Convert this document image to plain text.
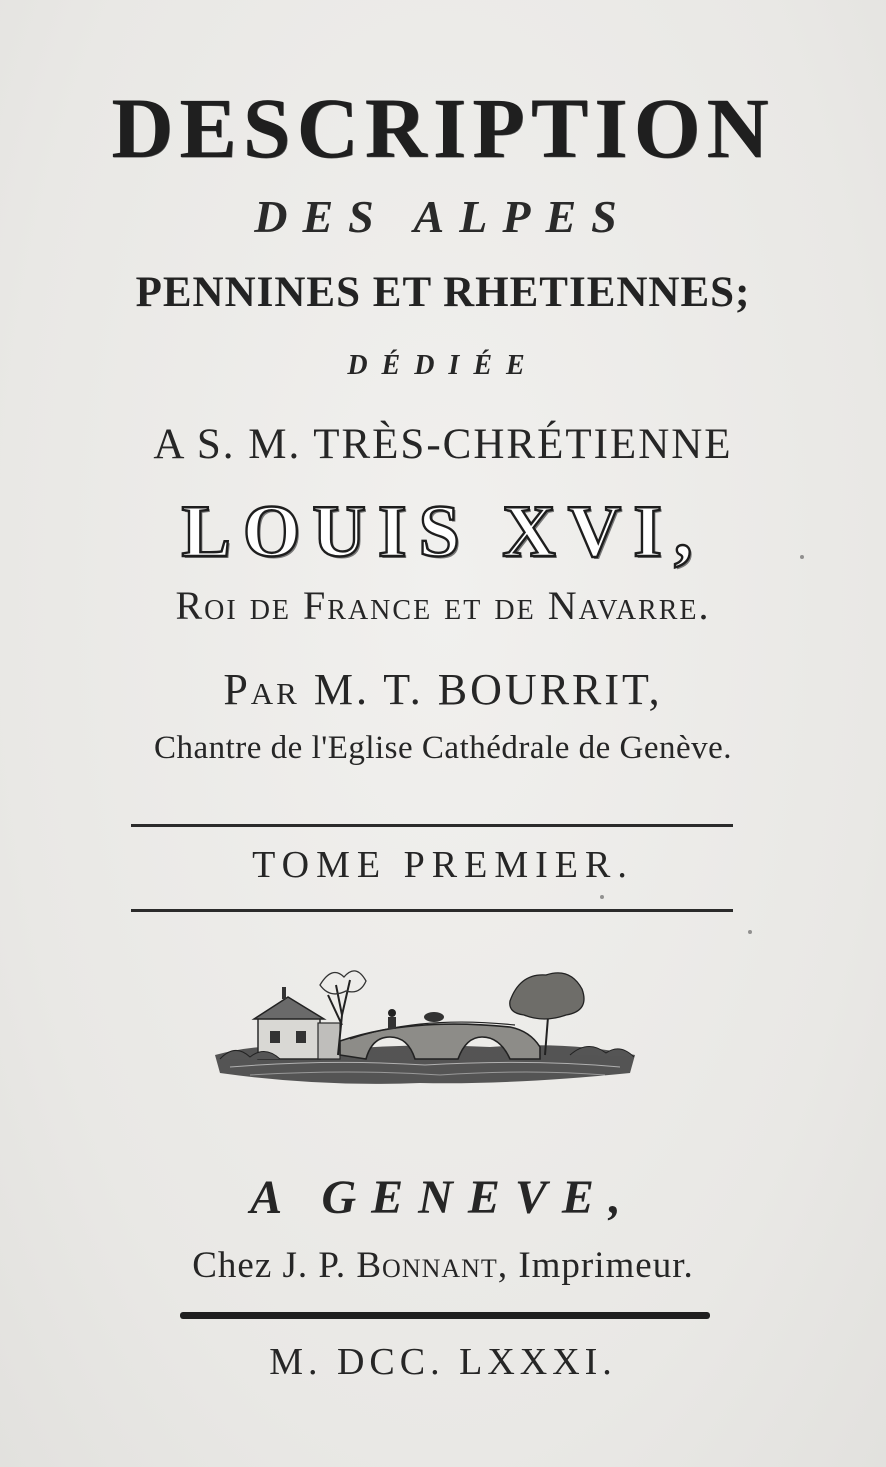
DESCRIPTION
DES ALPES
PENNINES ET RHETIENNES;
DÉDIÉE
A S. M. TRÈS-CHRÉTIENNE
LOUIS XVI,
Roi de France et de Navarre.
Par M. T. BOURRIT,
Chantre de l'Eglise Cathédrale de Genève.
TOME PREMIER.
A GENEVE,
Chez J. P. Bonnant, Imprimeur.
M. DCC. LXXXI.
